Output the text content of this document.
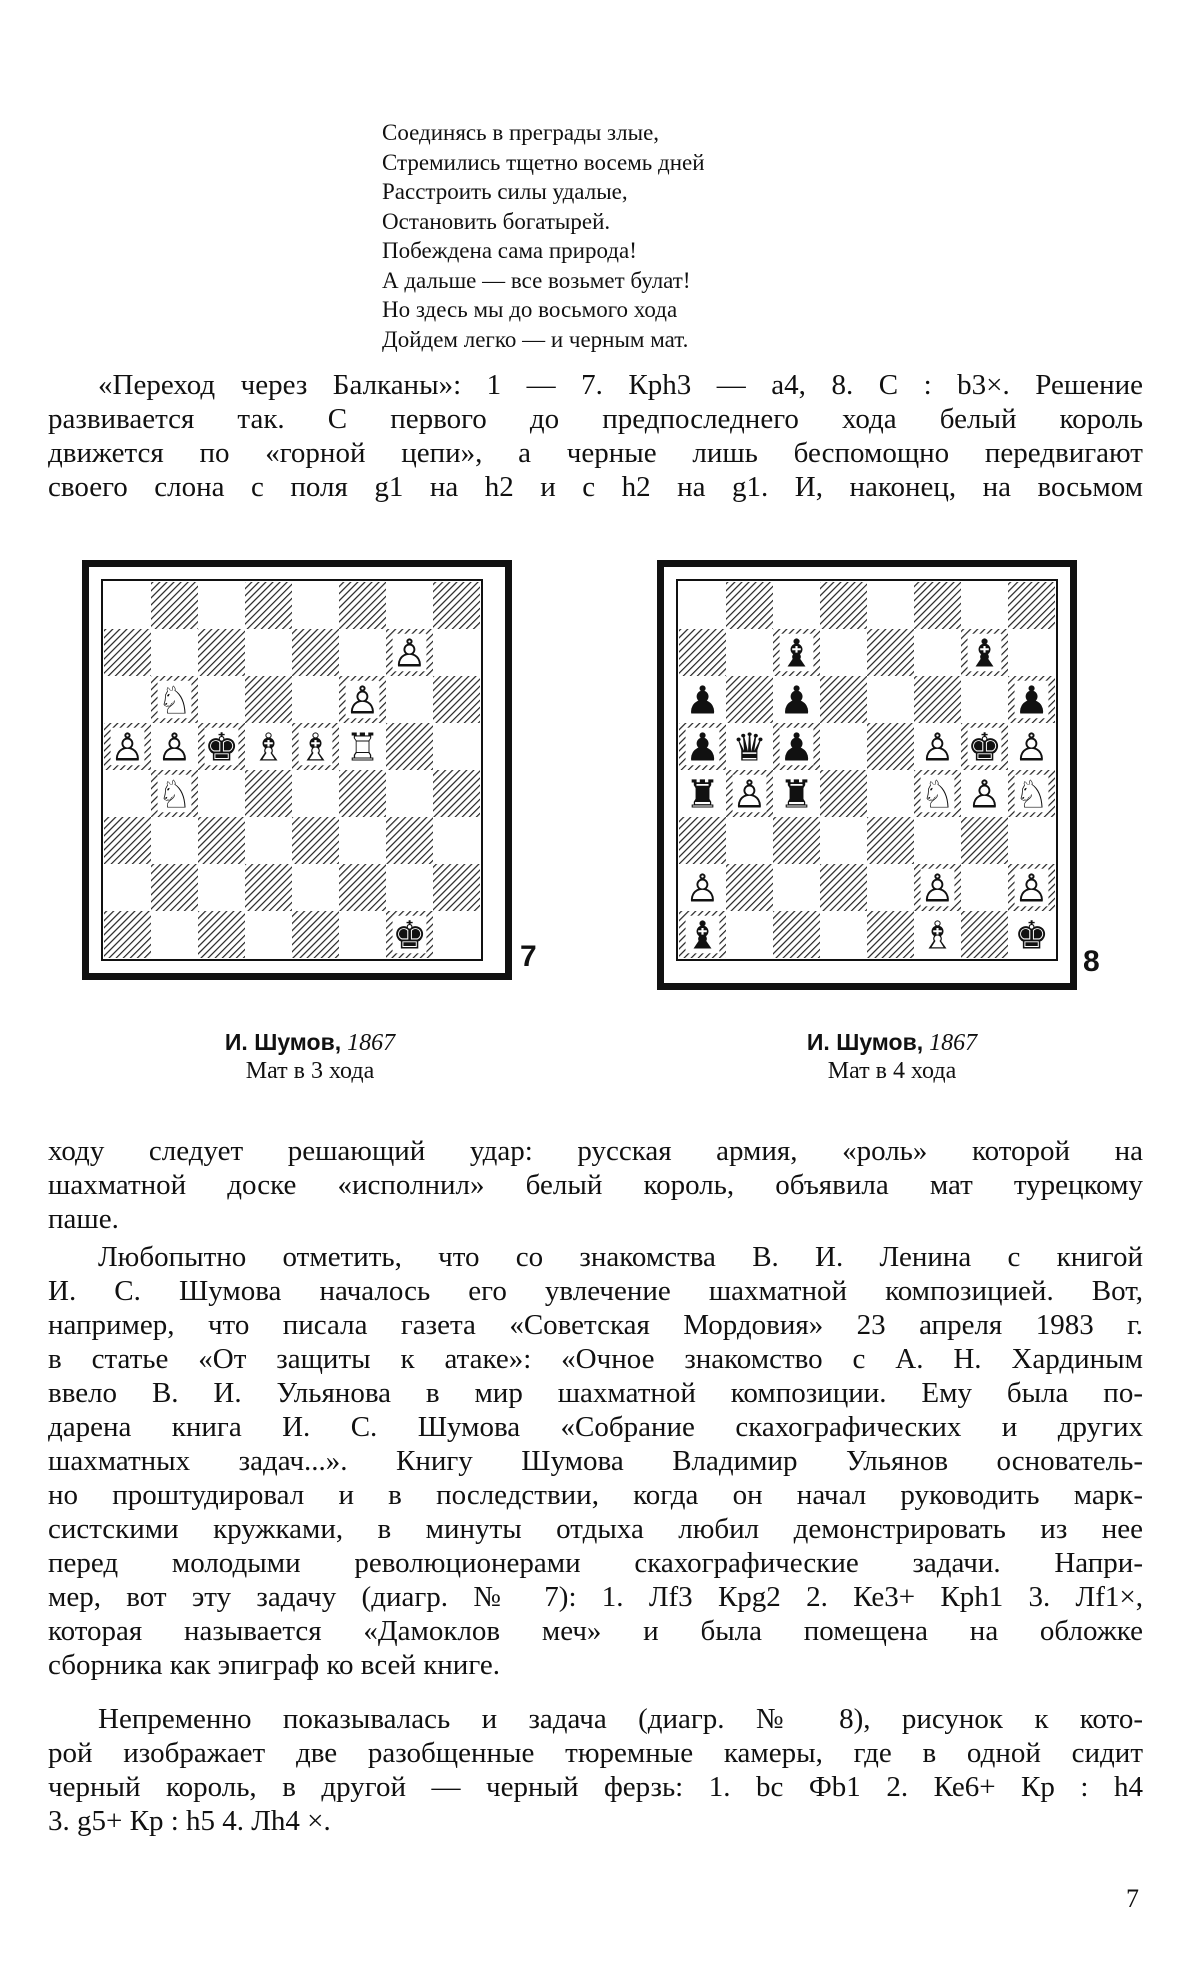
Соединясь в преграды злые,
Стремились тщетно восемь дней
Расстроить силы удалые,
Остановить богатырей.
Побеждена сама природа!
А дальше — все возьмет булат!
Но здесь мы до восьмого хода
Дойдем легко — и черным мат.
«Переход через Балканы»: 1 — 7. Крh3 — a4, 8. С : b3×. Решение
развивается так. С первого до предпоследнего хода белый король
движется по «горной цепи», а черные лишь беспомощно передвигают
своего слона с поля g1 на h2 и с h2 на g1. И, наконец, на восьмом
♙
♘	♙
♙ ♙ ♚ ♗ ♗ ♖
♘
♚	7
♝	♝
♟ ♟	♟
♟ ♛ ♟	♙ ♚ ♙
♜ ♙ ♜	♘ ♙ ♘
♙	♙ ♙
♝	♗ ♚
8
И. Шумов, 1867
Мат в 3 хода
И. Шумов, 1867
Мат в 4 хода
ходу следует решающий удар: русская армия, «роль» которой на
шахматной доске «исполнил» белый король, объявила мат турецкому
паше.
Любопытно отметить, что со знакомства В. И. Ленина с книгой
И. С. Шумова началось его увлечение шахматной композицией. Вот,
например, что писала газета «Советская Мордовия» 23 апреля 1983 г.
в статье «От защиты к атаке»: «Очное знакомство с А. Н. Хардиным
ввело В. И. Ульянова в мир шахматной композиции. Ему была по-
дарена книга И. С. Шумова «Собрание скахографических и других
шахматных задач...». Книгу Шумова Владимир Ульянов основатель-
но проштудировал и в последствии, когда он начал руководить марк-
систскими кружками, в минуты отдыха любил демонстрировать из нее
перед молодыми революционерами скахографические задачи. Напри-
мер, вот эту задачу (диагр. № 7): 1. Лf3 Крg2 2. Ке3+ Крh1 3. Лf1×,
которая называется «Дамоклов меч» и была помещена на обложке
сборника как эпиграф ко всей книге.
Непременно показывалась и задача (диагр. № 8), рисунок к кото-
рой изображает две разобщенные тюремные камеры, где в одной сидит
черный король, в другой — черный ферзь: 1. bc Фb1 2. Ке6+ Кр : h4
3. g5+ Кр : h5 4. Лh4 ×.
7
